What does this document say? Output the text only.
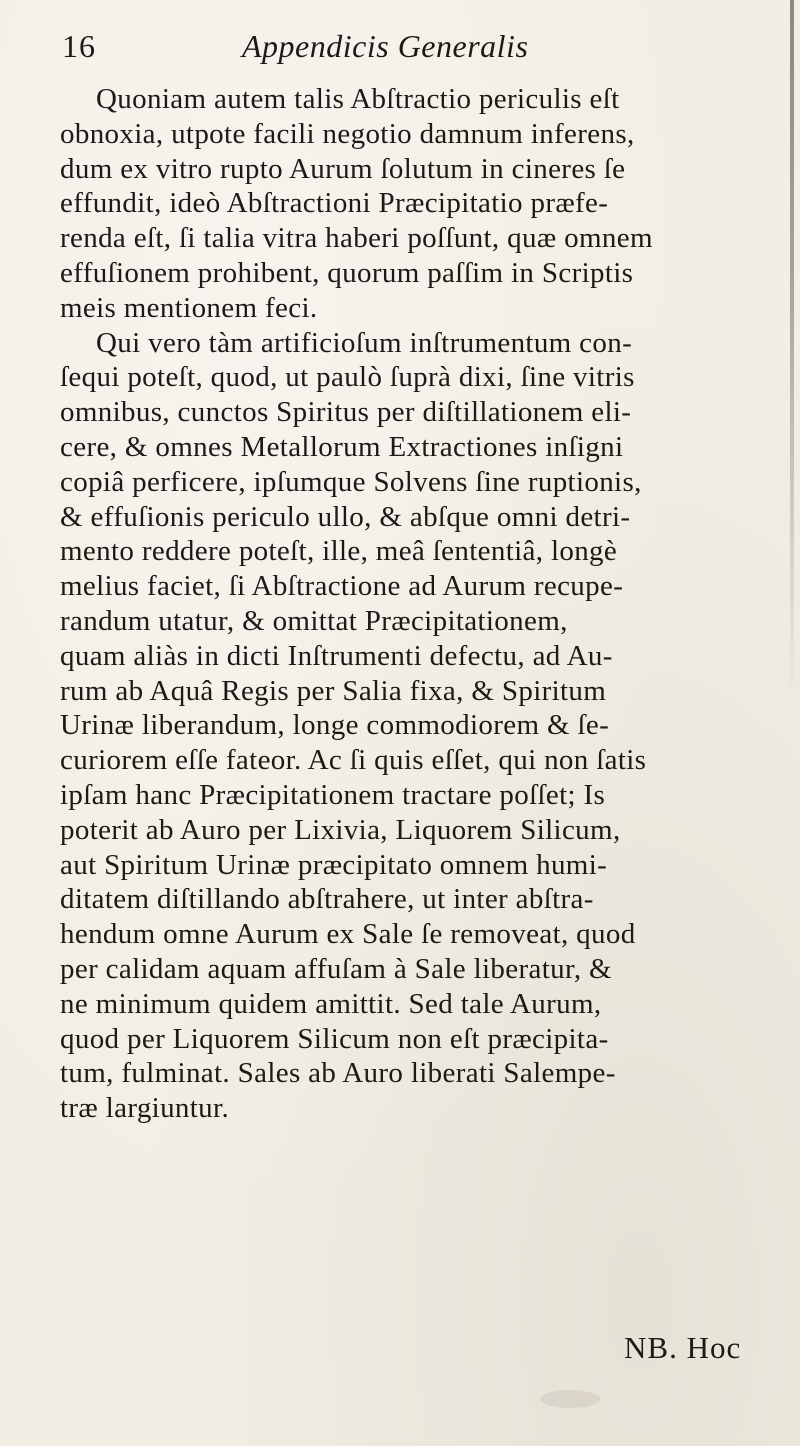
16	Appendicis Generalis
Quoniam autem talis Abſtractio periculis eſt
obnoxia, utpote facili negotio damnum inferens,
dum ex vitro rupto Aurum ſolutum in cineres ſe
effundit, ideò Abſtractioni Præcipitatio præfe-
renda eſt, ſi talia vitra haberi poſſunt, quæ omnem
effuſionem prohibent, quorum paſſim in Scriptis
meis mentionem feci.
Qui vero tàm artificioſum inſtrumentum con-
ſequi poteſt, quod, ut paulò ſuprà dixi, ſine vitris
omnibus, cunctos Spiritus per diſtillationem eli-
cere, & omnes Metallorum Extractiones inſigni
copiâ perficere, ipſumque Solvens ſine ruptionis,
& effuſionis periculo ullo, & abſque omni detri-
mento reddere poteſt, ille, meâ ſententiâ, longè
melius faciet, ſi Abſtractione ad Aurum recupe-
randum utatur, & omittat Præcipitationem,
quam aliàs in dicti Inſtrumenti defectu, ad Au-
rum ab Aquâ Regis per Salia fixa, & Spiritum
Urinæ liberandum, longe commodiorem & ſe-
curiorem eſſe fateor. Ac ſi quis eſſet, qui non ſatis
ipſam hanc Præcipitationem tractare poſſet; Is
poterit ab Auro per Lixivia, Liquorem Silicum,
aut Spiritum Urinæ præcipitato omnem humi-
ditatem diſtillando abſtrahere, ut inter abſtra-
hendum omne Aurum ex Sale ſe removeat, quod
per calidam aquam affuſam à Sale liberatur, &
ne minimum quidem amittit. Sed tale Aurum,
quod per Liquorem Silicum non eſt præcipita-
tum, fulminat. Sales ab Auro liberati Salempe-
træ largiuntur.
NB. Hoc
